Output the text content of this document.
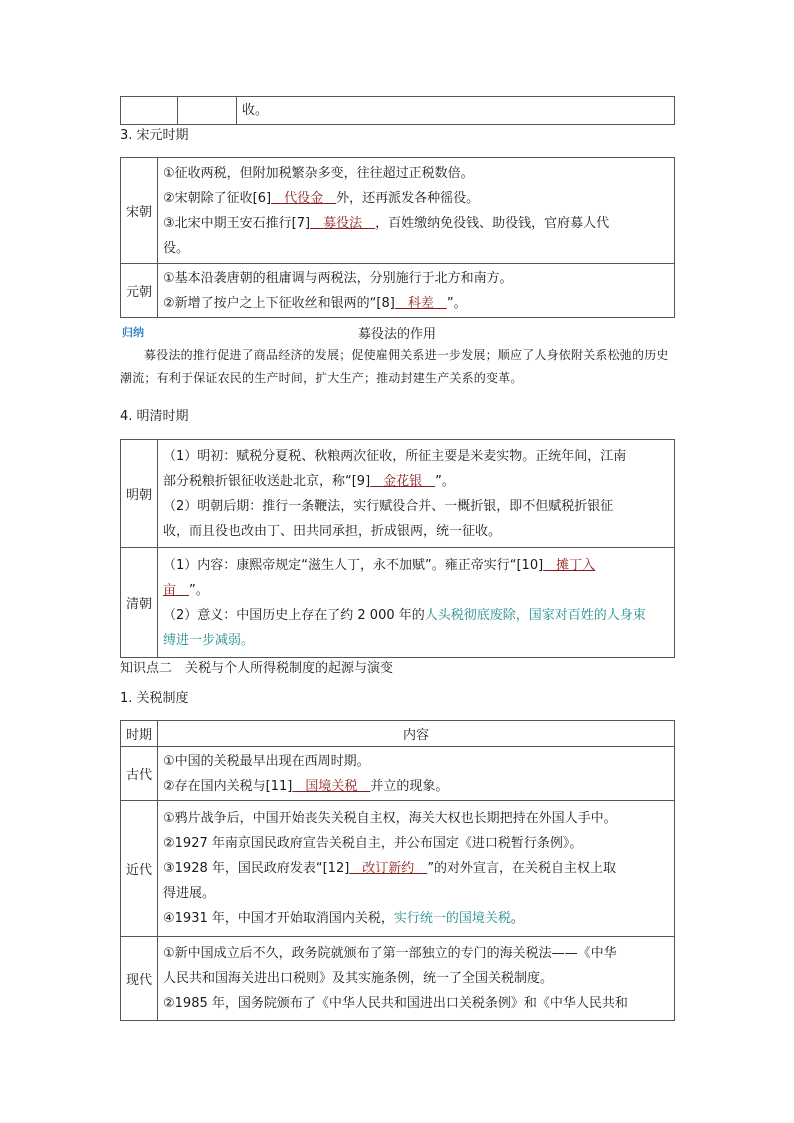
收。

3. 宋元时期
宋朝	①征收两税，但附加税繁杂多变，往往超过正税数倍。

②宋朝除了征收[6]　代役金　外，还再派发各种徭役。

③北宋中期王安石推行[7]　募役法　，百姓缴纳免役钱、助役钱，官府募人代

役。

元朝	①基本沿袭唐朝的租庸调与两税法，分别施行于北方和南方。

②新增了按户之上下征收丝和银两的“[8]　科差　”。

归纳	募役法的作用

募役法的推行促进了商品经济的发展；促使雇佣关系进一步发展；顺应了人身依附关系松弛的历史潮流；有利于保证农民的生产时间，扩大生产；推动封建生产关系的变革。

4. 明清时期
明朝	（1）明初：赋税分夏税、秋粮两次征收，所征主要是米麦实物。正统年间，江南

部分税粮折银征收送赴北京，称“[9]　金花银　”。

（2）明朝后期：推行一条鞭法，实行赋役合并、一概折银，即不但赋税折银征

收，而且役也改由丁、田共同承担，折成银两，统一征收。

清朝	（1）内容：康熙帝规定“滋生人丁，永不加赋”。雍正帝实行“[10]　摊丁入

亩　”。

（2）意义：中国历史上存在了约 2 000 年的人头税彻底废除，国家对百姓的人身束

缚进一步减弱。

知识点二　关税与个人所得税制度的起源与演变
1. 关税制度
时期	内容
古代	①中国的关税最早出现在西周时期。

②存在国内关税与[11]　国境关税　并立的现象。

近代	①鸦片战争后，中国开始丧失关税自主权，海关大权也长期把持在外国人手中。

②1927 年南京国民政府宣告关税自主，并公布国定《进口税暂行条例》。

③1928 年，国民政府发表“[12]　改订新约　”的对外宣言，在关税自主权上取

得进展。

④1931 年，中国才开始取消国内关税，实行统一的国境关税。

现代	①新中国成立后不久，政务院就颁布了第一部独立的专门的海关税法——《中华

人民共和国海关进出口税则》及其实施条例，统一了全国关税制度。

②1985 年，国务院颁布了《中华人民共和国进出口关税条例》和《中华人民共和
